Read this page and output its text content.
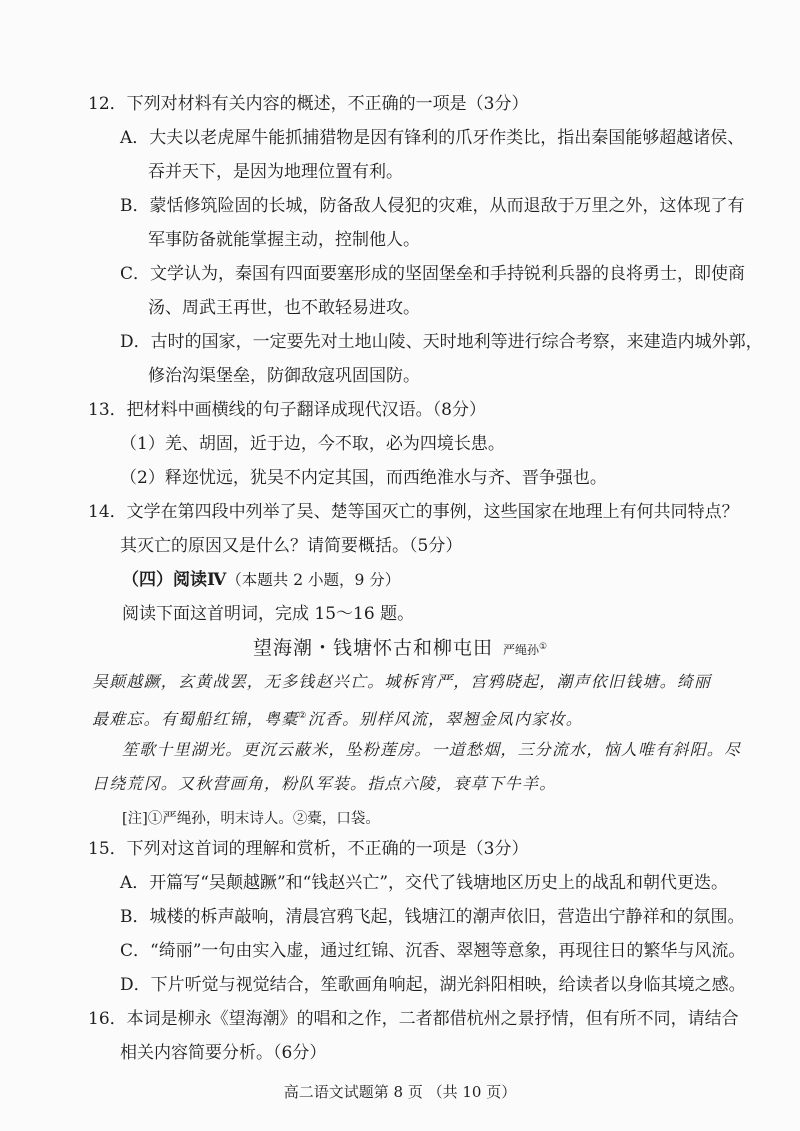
12．下列对材料有关内容的概述，不正确的一项是（3分）
A．大夫以老虎犀牛能抓捕猎物是因有锋利的爪牙作类比，指出秦国能够超越诸侯、
吞并天下，是因为地理位置有利。
B．蒙恬修筑险固的长城，防备敌人侵犯的灾难，从而退敌于万里之外，这体现了有
军事防备就能掌握主动，控制他人。
C．文学认为，秦国有四面要塞形成的坚固堡垒和手持锐利兵器的良将勇士，即使商
汤、周武王再世，也不敢轻易进攻。
D．古时的国家，一定要先对土地山陵、天时地利等进行综合考察，来建造内城外郭，
修治沟渠堡垒，防御敌寇巩固国防。
13．把材料中画横线的句子翻译成现代汉语。（8分）
（1）羌、胡固，近于边，今不取，必为四境长患。
（2）释迩忧远，犹吴不内定其国，而西绝淮水与齐、晋争强也。
14．文学在第四段中列举了吴、楚等国灭亡的事例，这些国家在地理上有何共同特点？
其灭亡的原因又是什么？请简要概括。（5分）
（四）阅读Ⅳ（本题共 2 小题，9 分）
阅读下面这首明词，完成 15～16 题。
望海潮・钱塘怀古和柳屯田 严绳孙①
吴颠越蹶，玄黄战罢，无多钱赵兴亡。城柝宵严，宫鸦晓起，潮声依旧钱塘。绮丽
最难忘。有蜀船红锦，粤橐②沉香。别样风流，翠翘金凤内家妆。
笙歌十里湖光。更沉云蔽米，坠粉莲房。一道愁烟，三分流水，恼人唯有斜阳。尽
日绕荒冈。又秋营画角，粉队军装。指点六陵，衰草下牛羊。
[注]①严绳孙，明末诗人。②橐，口袋。
15．下列对这首词的理解和赏析，不正确的一项是（3分）
A．开篇写“吴颠越蹶”和“钱赵兴亡”，交代了钱塘地区历史上的战乱和朝代更迭。
B．城楼的柝声敲响，清晨宫鸦飞起，钱塘江的潮声依旧，营造出宁静祥和的氛围。
C．“绮丽”一句由实入虚，通过红锦、沉香、翠翘等意象，再现往日的繁华与风流。
D．下片听觉与视觉结合，笙歌画角响起，湖光斜阳相映，给读者以身临其境之感。
16．本词是柳永《望海潮》的唱和之作，二者都借杭州之景抒情，但有所不同，请结合
相关内容简要分析。（6分）
高二语文试题第 8 页 （共 10 页）
